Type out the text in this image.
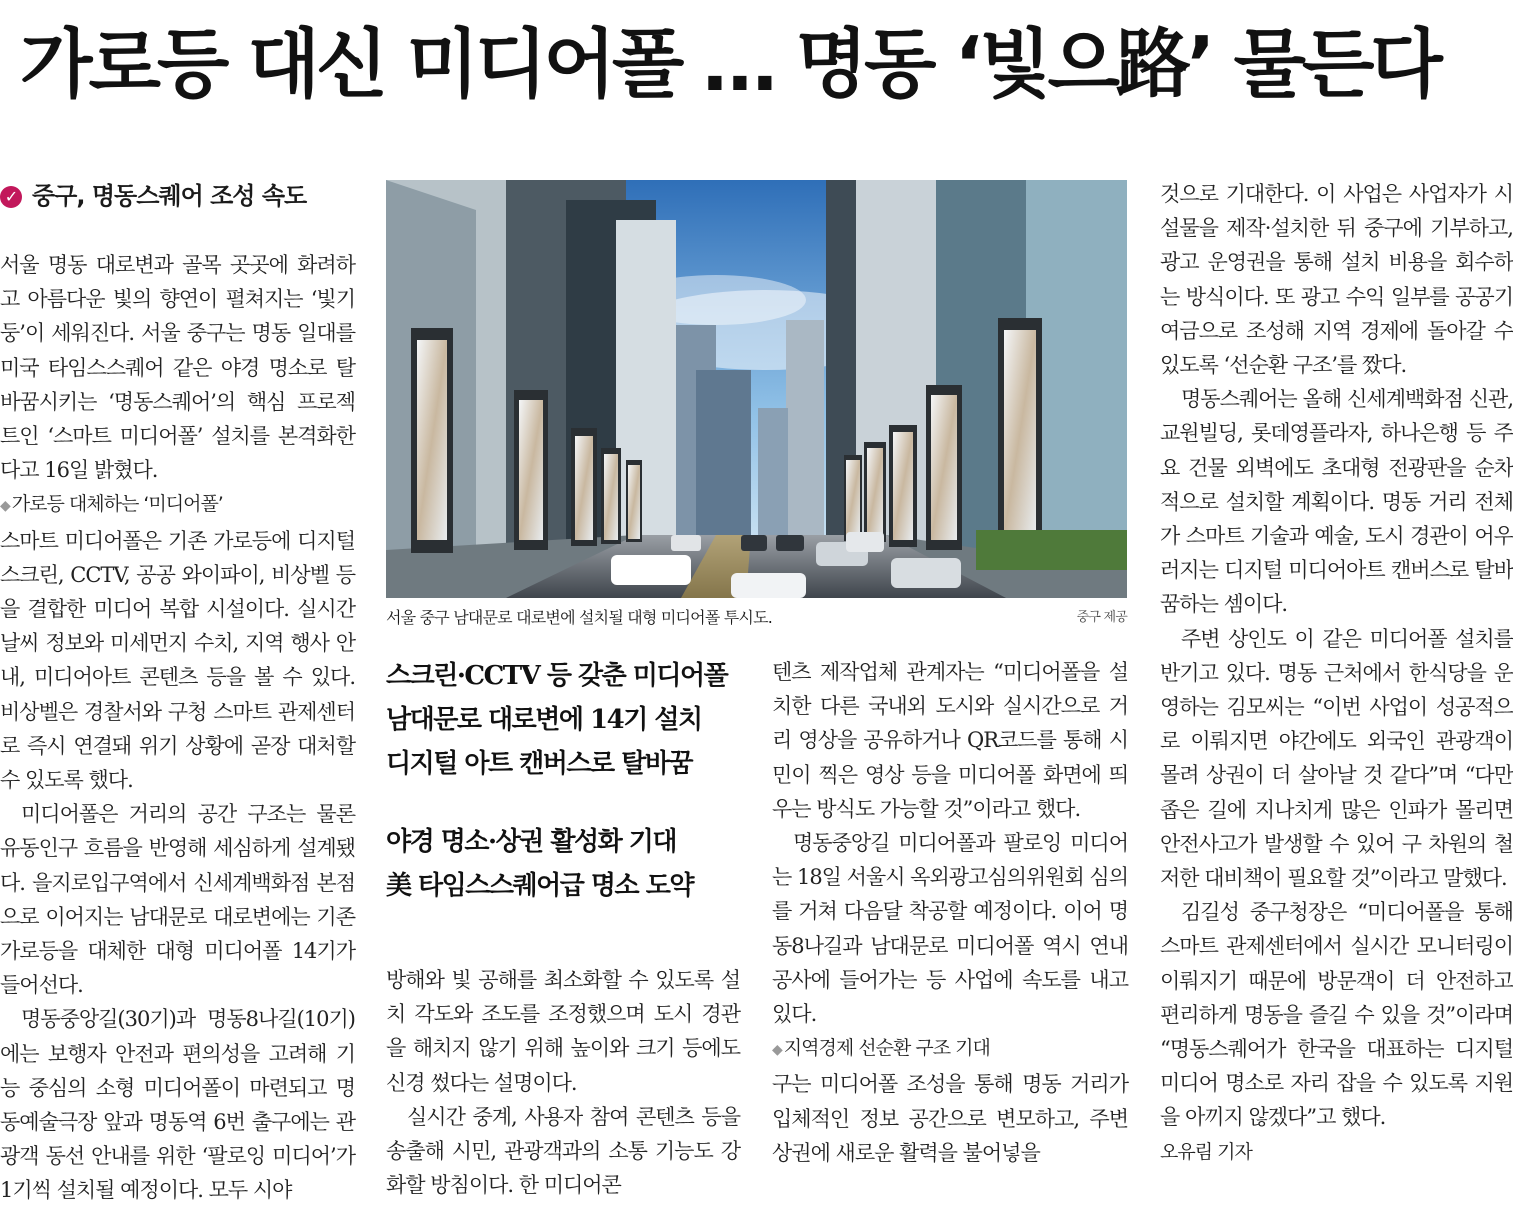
가로등 대신 미디어폴 … 명동 ‘빛으路’ 물든다
✓ 중구, 명동스퀘어 조성 속도

서울 명동 대로변과 골목 곳곳에 화려하고 아름다운 빛의 향연이 펼쳐지는 ‘빛기둥’이 세워진다. 서울 중구는 명동 일대를 미국 타임스스퀘어 같은 야경 명소로 탈바꿈시키는 ‘명동스퀘어’의 핵심 프로젝트인 ‘스마트 미디어폴’ 설치를 본격화한다고 16일 밝혔다.

◆ 가로등 대체하는 ‘미디어폴’

스마트 미디어폴은 기존 가로등에 디지털 스크린, CCTV, 공공 와이파이, 비상벨 등을 결합한 미디어 복합 시설이다. 실시간 날씨 정보와 미세먼지 수치, 지역 행사 안내, 미디어아트 콘텐츠 등을 볼 수 있다. 비상벨은 경찰서와 구청 스마트 관제센터로 즉시 연결돼 위기 상황에 곧장 대처할 수 있도록 했다.

미디어폴은 거리의 공간 구조는 물론 유동인구 흐름을 반영해 세심하게 설계됐다. 을지로입구역에서 신세계백화점 본점으로 이어지는 남대문로 대로변에는 기존 가로등을 대체한 대형 미디어폴 14기가 들어선다.

명동중앙길(30기)과 명동8나길(10기)에는 보행자 안전과 편의성을 고려해 기능 중심의 소형 미디어폴이 마련되고 명동예술극장 앞과 명동역 6번 출구에는 관광객 동선 안내를 위한 ‘팔로잉 미디어’가 1기씩 설치될 예정이다. 모두 시야

서울 중구 남대문로 대로변에 설치될 대형 미디어폴 투시도.	중구 제공
스크린·CCTV 등 갖춘 미디어폴
남대문로 대로변에 14기 설치
디지털 아트 캔버스로 탈바꿈
야경 명소·상권 활성화 기대
美 타임스스퀘어급 명소 도약

방해와 빛 공해를 최소화할 수 있도록 설치 각도와 조도를 조정했으며 도시 경관을 해치지 않기 위해 높이와 크기 등에도 신경 썼다는 설명이다.

실시간 중계, 사용자 참여 콘텐츠 등을 송출해 시민, 관광객과의 소통 기능도 강화할 방침이다. 한 미디어콘

텐츠 제작업체 관계자는 “미디어폴을 설치한 다른 국내외 도시와 실시간으로 거리 영상을 공유하거나 QR코드를 통해 시민이 찍은 영상 등을 미디어폴 화면에 띄우는 방식도 가능할 것”이라고 했다.

명동중앙길 미디어폴과 팔로잉 미디어는 18일 서울시 옥외광고심의위원회 심의를 거쳐 다음달 착공할 예정이다. 이어 명동8나길과 남대문로 미디어폴 역시 연내 공사에 들어가는 등 사업에 속도를 내고 있다.

◆ 지역경제 선순환 구조 기대

구는 미디어폴 조성을 통해 명동 거리가 입체적인 정보 공간으로 변모하고, 주변 상권에 새로운 활력을 불어넣을

것으로 기대한다. 이 사업은 사업자가 시설물을 제작·설치한 뒤 중구에 기부하고, 광고 운영권을 통해 설치 비용을 회수하는 방식이다. 또 광고 수익 일부를 공공기여금으로 조성해 지역 경제에 돌아갈 수 있도록 ‘선순환 구조’를 짰다.

명동스퀘어는 올해 신세계백화점 신관, 교원빌딩, 롯데영플라자, 하나은행 등 주요 건물 외벽에도 초대형 전광판을 순차적으로 설치할 계획이다. 명동 거리 전체가 스마트 기술과 예술, 도시 경관이 어우러지는 디지털 미디어아트 캔버스로 탈바꿈하는 셈이다.

주변 상인도 이 같은 미디어폴 설치를 반기고 있다. 명동 근처에서 한식당을 운영하는 김모씨는 “이번 사업이 성공적으로 이뤄지면 야간에도 외국인 관광객이 몰려 상권이 더 살아날 것 같다”며 “다만 좁은 길에 지나치게 많은 인파가 몰리면 안전사고가 발생할 수 있어 구 차원의 철저한 대비책이 필요할 것”이라고 말했다.

김길성 중구청장은 “미디어폴을 통해 스마트 관제센터에서 실시간 모니터링이 이뤄지기 때문에 방문객이 더 안전하고 편리하게 명동을 즐길 수 있을 것”이라며 “명동스퀘어가 한국을 대표하는 디지털 미디어 명소로 자리 잡을 수 있도록 지원을 아끼지 않겠다”고 했다.

오유림 기자
